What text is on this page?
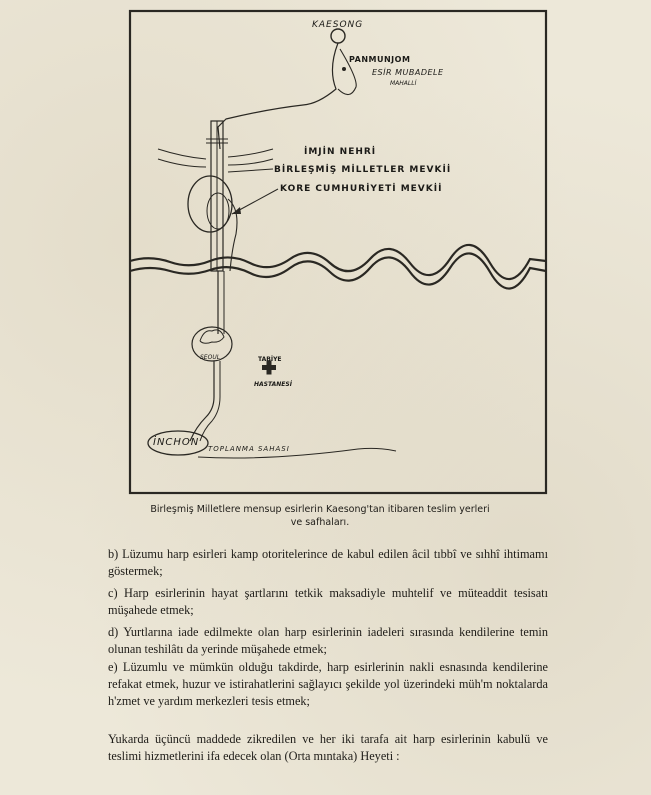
KAESONG
PANMUNJOM
ESİR MUBADELE
MAHALLİ
İMJİN NEHRİ
BİRLEŞMİŞ MİLLETLER MEVKİİ
KORE CUMHURİYETİ MEVKİİ
SEOUL	TABİYE
HASTANESİ
İNCHON
TOPLANMA SAHASI
Birleşmiş Milletlere mensup esirlerin Kaesong'tan itibaren teslim yerleri ve safhaları.
b) Lüzumu harp esirleri kamp otoritelerince de kabul edilen âcil tıbbî ve sıhhî ihtimamı göstermek;
c) Harp esirlerinin hayat şartlarını tetkik maksadiyle muhtelif ve müteaddit tesisatı müşahede etmek;
d) Yurtlarına iade edilmekte olan harp esirlerinin iadeleri sırasında kendilerine temin olunan teshilâtı da yerinde müşahede etmek;
e) Lüzumlu ve mümkün olduğu takdirde, harp esirlerinin nakli esnasında kendilerine refakat etmek, huzur ve istirahatlerini sağlayıcı şekilde yol üzerindeki müh'm noktalarda h'zmet ve yardım merkezleri tesis etmek;
Yukarda üçüncü maddede zikredilen ve her iki tarafa ait harp esirlerinin kabulü ve teslimi hizmetlerini ifa edecek olan (Orta mıntaka) Heyeti :
